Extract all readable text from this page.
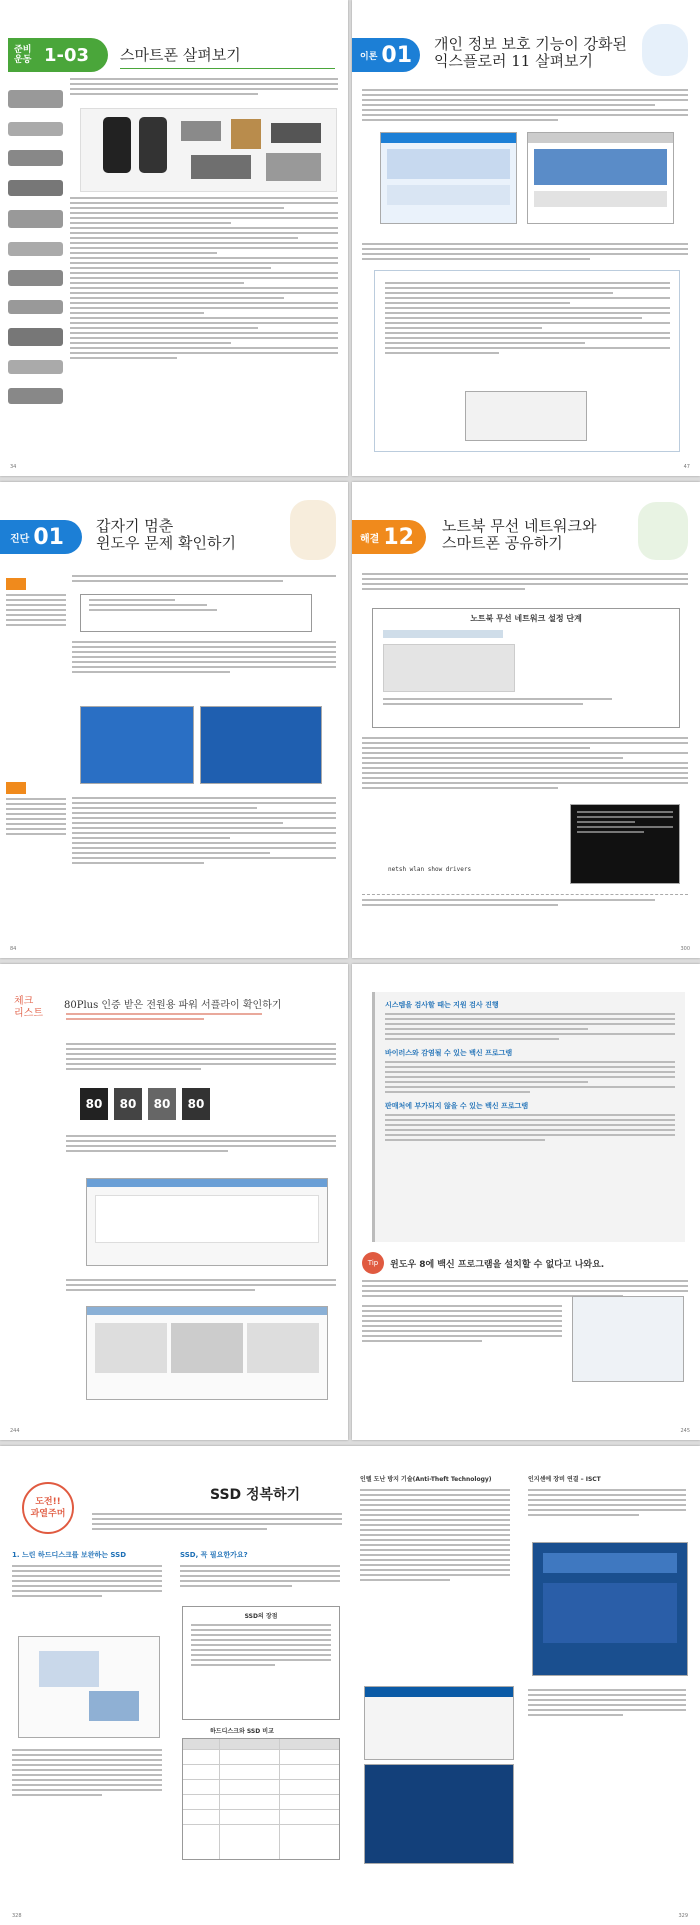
준비
운동 1-03 스마트폰 살펴보기
34
이론 01 개인 정보 보호 기능이 강화된
익스플로러 11 살펴보기
47
진단 01 갑자기 멈춘
윈도우 문제 확인하기
84
해결 12 노트북 무선 네트워크와
스마트폰 공유하기
노트북 무선 네트워크 설정 단계
netsh wlan show drivers
300
체크
리스트
80Plus 인증 받은 전원용 파워 서플라이 확인하기
80	80	80	80
244
시스템을 검사할 때는 지원 검사 진행
바이러스와 감염될 수 있는 백신 프로그램
판매처에 부가되지 않을 수 있는 백신 프로그램
Tip	윈도우 8에 백신 프로그램을 설치할 수 없다고 나와요.
245
도전!!
과열주머
SSD 정복하기
1. 느린 하드디스크를 보완하는 SSD	SSD, 꼭 필요한가요?
SSD의 장점
하드디스크와 SSD 비교
인텔 도난 방지 기술(Anti-Theft Technology)	인지센에 장비 연결 – ISCT
328	329
